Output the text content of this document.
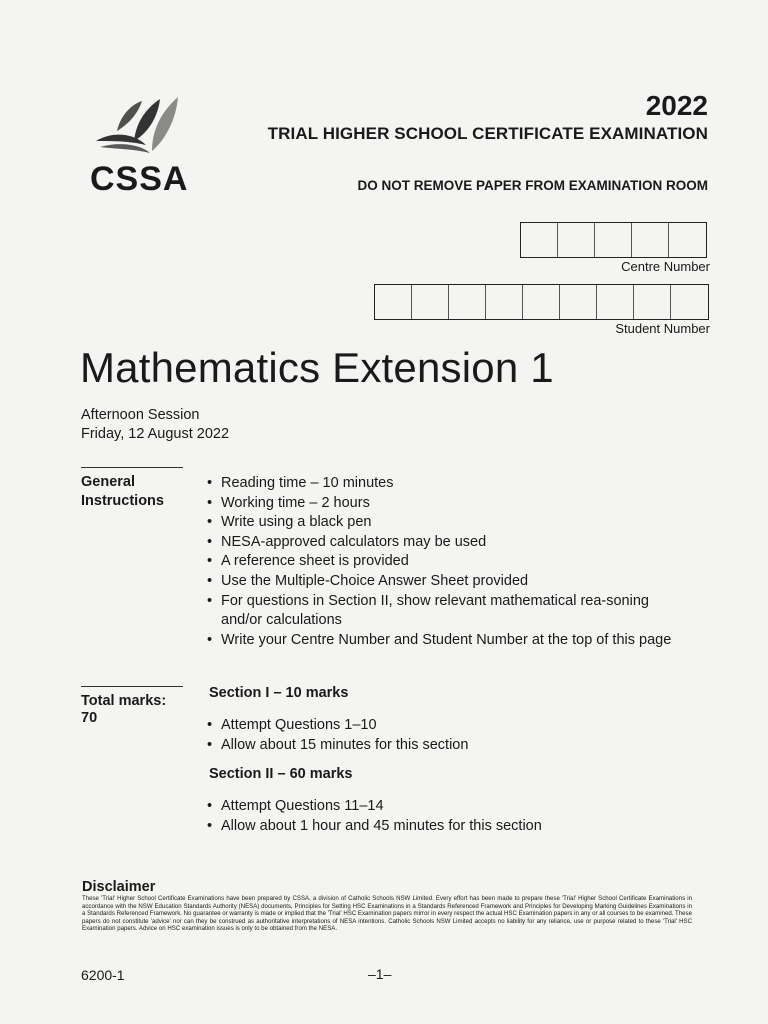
CSSA
2022
TRIAL HIGHER SCHOOL CERTIFICATE EXAMINATION
DO NOT REMOVE PAPER FROM EXAMINATION ROOM
Centre Number
Student Number
Mathematics Extension 1
Afternoon Session
Friday, 12 August 2022
General Instructions
• Reading time – 10 minutes
• Working time – 2 hours
• Write using a black pen
• NESA-approved calculators may be used
• A reference sheet is provided
• Use the Multiple-Choice Answer Sheet provided
• For questions in Section II, show relevant mathematical rea-soning and/or calculations
• Write your Centre Number and Student Number at the top of this page
Total marks:
70
Section I – 10 marks
• Attempt Questions 1–10
• Allow about 15 minutes for this section
Section II – 60 marks
• Attempt Questions 11–14
• Allow about 1 hour and 45 minutes for this section
Disclaimer
These 'Trial' Higher School Certificate Examinations have been prepared by CSSA, a division of Catholic Schools NSW Limited. Every effort has been made to prepare these 'Trial' Higher School Certificate Examinations in accordance with the NSW Education Standards Authority (NESA) documents, Principles for Setting HSC Examinations in a Standards Referenced Framework and Principles for Developing Marking Guidelines Examinations in a Standards Referenced Framework. No guarantee or warranty is made or implied that the 'Trial' HSC Examination papers mirror in every respect the actual HSC Examination papers in any or all courses to be examined. These papers do not constitute 'advice' nor can they be construed as authoritative interpretations of NESA intentions. Catholic Schools NSW Limited accepts no liability for any reliance, use or purpose related to these 'Trial' HSC Examination papers. Advice on HSC examination issues is only to be obtained from the NESA.
6200-1	–1–
